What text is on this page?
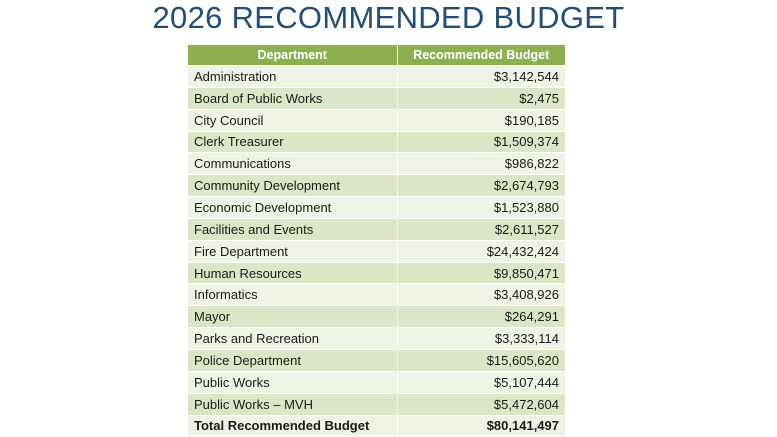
2026 RECOMMENDED BUDGET
Department	Recommended Budget
Administration	$3,142,544
Board of Public Works	$2,475
City Council	$190,185
Clerk Treasurer	$1,509,374
Communications	$986,822
Community Development	$2,674,793
Economic Development	$1,523,880
Facilities and Events	$2,611,527
Fire Department	$24,432,424
Human Resources	$9,850,471
Informatics	$3,408,926
Mayor	$264,291
Parks and Recreation	$3,333,114
Police Department	$15,605,620
Public Works	$5,107,444
Public Works – MVH	$5,472,604
Total Recommended Budget	$80,141,497
